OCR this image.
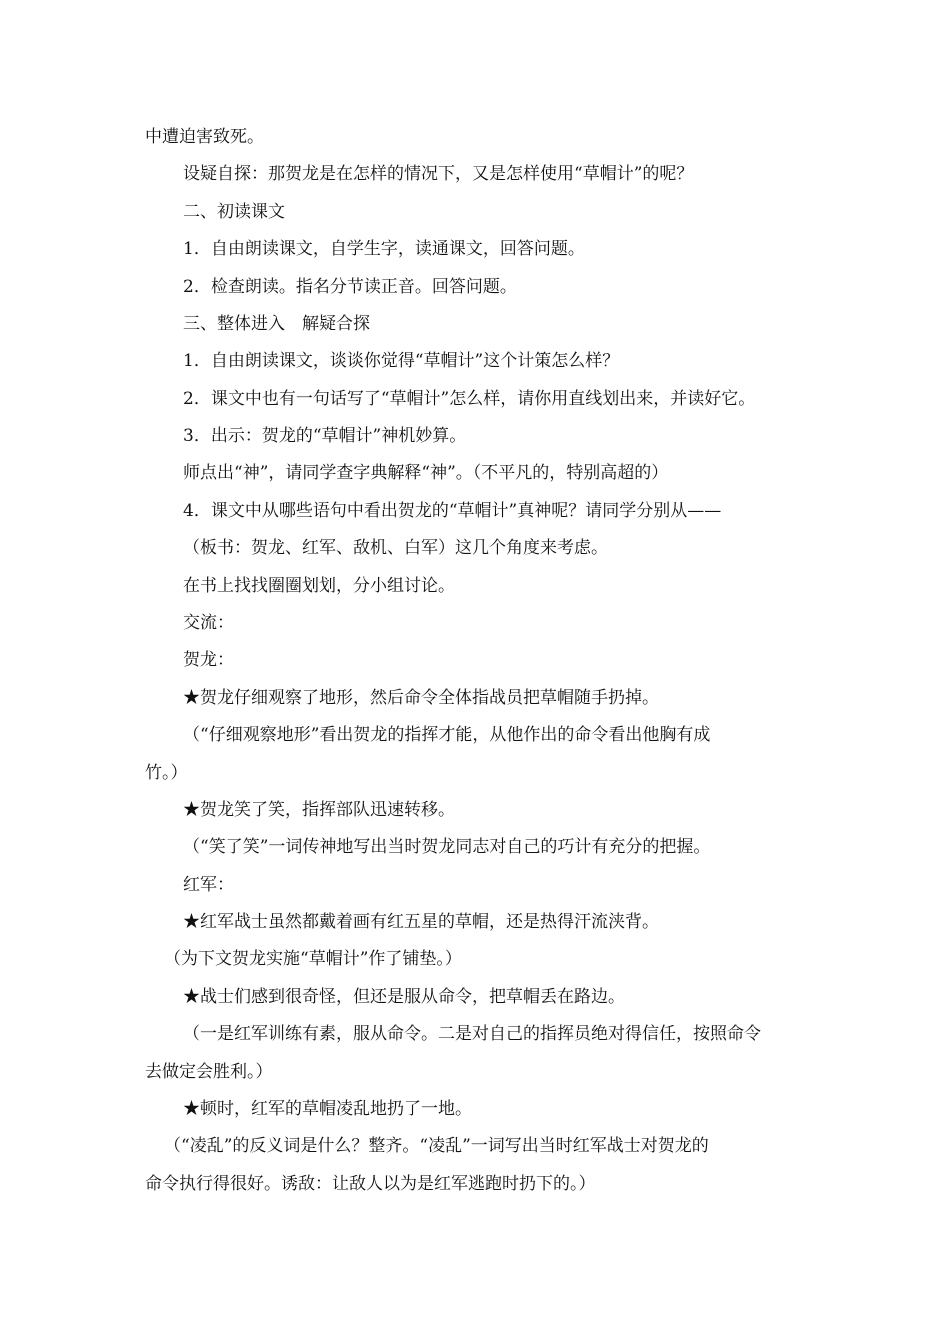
中遭迫害致死。
设疑自探：那贺龙是在怎样的情况下，又是怎样使用“草帽计”的呢？
二、初读课文
1．自由朗读课文，自学生字，读通课文，回答问题。
2．检查朗读。指名分节读正音。回答问题。
三、整体进入　解疑合探
1．自由朗读课文，谈谈你觉得“草帽计”这个计策怎么样？
2．课文中也有一句话写了“草帽计”怎么样，请你用直线划出来，并读好它。
3．出示：贺龙的“草帽计”神机妙算。
师点出“神”，请同学查字典解释“神”。（不平凡的，特别高超的）
4．课文中从哪些语句中看出贺龙的“草帽计”真神呢？请同学分别从——
（板书：贺龙、红军、敌机、白军）这几个角度来考虑。
在书上找找圈圈划划，分小组讨论。
交流：
贺龙：
★贺龙仔细观察了地形，然后命令全体指战员把草帽随手扔掉。
（“仔细观察地形”看出贺龙的指挥才能，从他作出的命令看出他胸有成
竹。）
★贺龙笑了笑，指挥部队迅速转移。
（“笑了笑”一词传神地写出当时贺龙同志对自己的巧计有充分的把握。
红军：
★红军战士虽然都戴着画有红五星的草帽，还是热得汗流浃背。
（为下文贺龙实施“草帽计”作了铺垫。）
★战士们感到很奇怪，但还是服从命令，把草帽丢在路边。
（一是红军训练有素，服从命令。二是对自己的指挥员绝对得信任，按照命令
去做定会胜利。）
★顿时，红军的草帽凌乱地扔了一地。
（“凌乱”的反义词是什么？整齐。“凌乱”一词写出当时红军战士对贺龙的
命令执行得很好。诱敌：让敌人以为是红军逃跑时扔下的。）
